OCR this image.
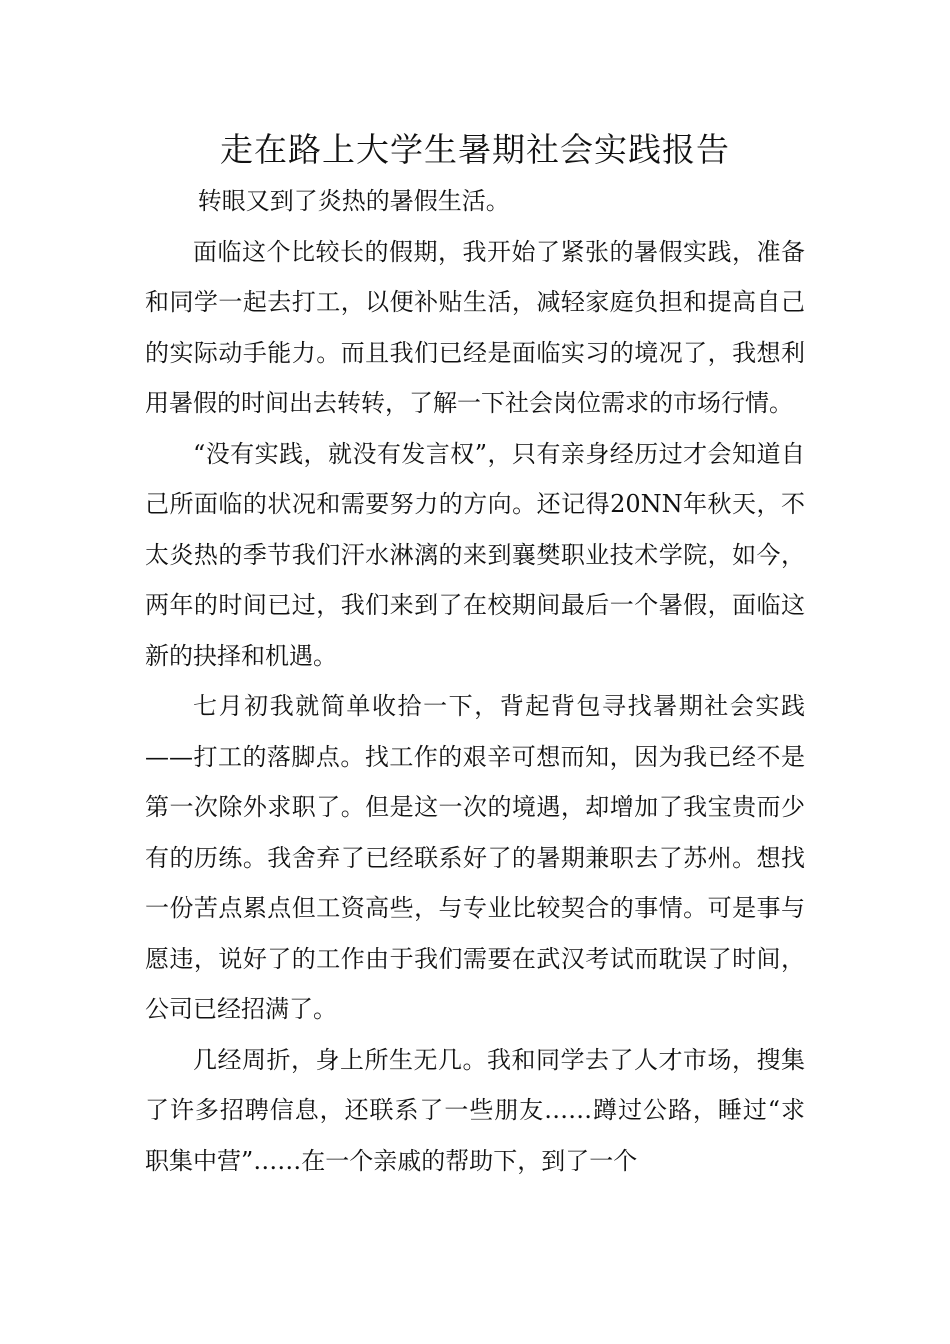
走在路上大学生暑期社会实践报告

转眼又到了炎热的暑假生活。

面临这个比较长的假期，我开始了紧张的暑假实践，准备和同学一起去打工，以便补贴生活，减轻家庭负担和提高自己的实际动手能力。而且我们已经是面临实习的境况了，我想利用暑假的时间出去转转，了解一下社会岗位需求的市场行情。

“没有实践，就没有发言权”，只有亲身经历过才会知道自己所面临的状况和需要努力的方向。还记得20NN年秋天，不太炎热的季节我们汗水淋漓的来到襄樊职业技术学院，如今，两年的时间已过，我们来到了在校期间最后一个暑假，面临这新的抉择和机遇。

七月初我就简单收拾一下，背起背包寻找暑期社会实践——打工的落脚点。找工作的艰辛可想而知，因为我已经不是第一次除外求职了。但是这一次的境遇，却增加了我宝贵而少有的历练。我舍弃了已经联系好了的暑期兼职去了苏州。想找一份苦点累点但工资高些，与专业比较契合的事情。可是事与愿违，说好了的工作由于我们需要在武汉考试而耽误了时间，公司已经招满了。

几经周折，身上所生无几。我和同学去了人才市场，搜集了许多招聘信息，还联系了一些朋友……蹲过公路，睡过“求职集中营”……在一个亲戚的帮助下，到了一个
